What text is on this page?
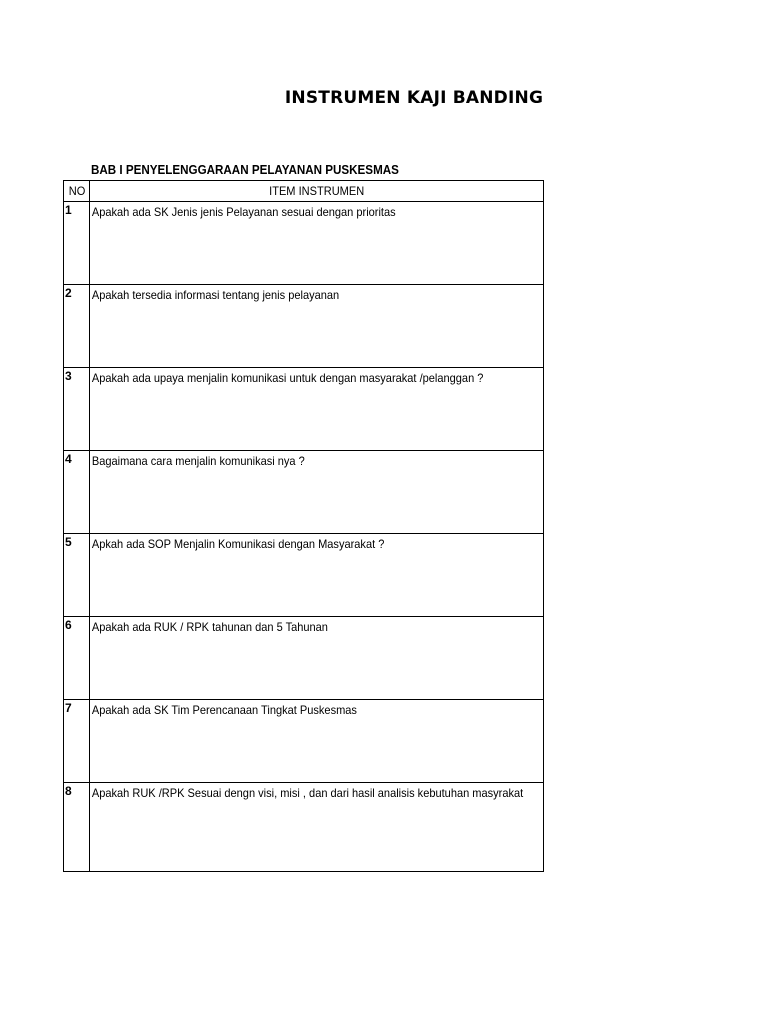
INSTRUMEN KAJI BANDING
BAB I PENYELENGGARAAN PELAYANAN PUSKESMAS
NO	ITEM INSTRUMEN

1	Apakah ada SK Jenis jenis Pelayanan sesuai dengan prioritas

2	Apakah tersedia informasi tentang jenis pelayanan

3	Apakah ada upaya menjalin komunikasi untuk dengan masyarakat /pelanggan ?

4	Bagaimana cara menjalin komunikasi nya ?

5	Apkah ada SOP Menjalin Komunikasi dengan Masyarakat ?

6	Apakah ada RUK / RPK tahunan dan 5 Tahunan

7	Apakah ada SK Tim Perencanaan Tingkat Puskesmas

8	Apakah RUK /RPK Sesuai dengn visi, misi , dan dari hasil analisis kebutuhan masyrakat
